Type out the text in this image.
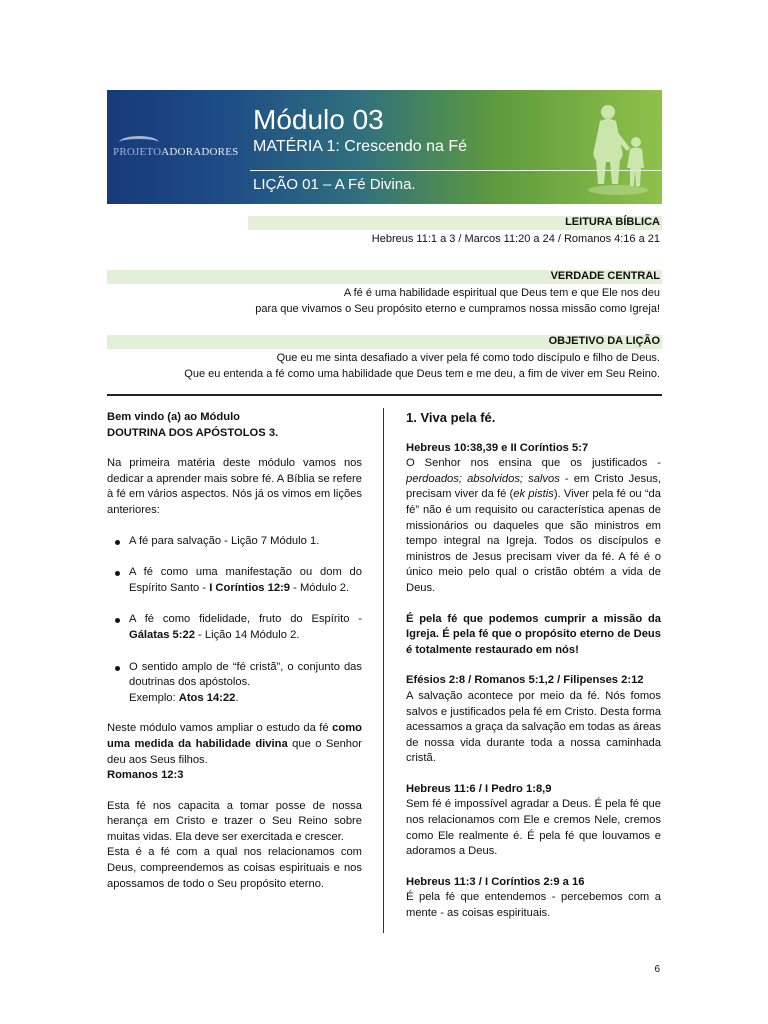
PROJETOADORADORES
Módulo 03
MATÉRIA 1: Crescendo na Fé
LIÇÃO 01 – A Fé Divina.
LEITURA BÍBLICA
Hebreus 11:1 a 3 / Marcos 11:20 a 24 / Romanos 4:16 a 21
VERDADE CENTRAL
A fé é uma habilidade espiritual que Deus tem e que Ele nos deu
para que vivamos o Seu propósito eterno e cumpramos nossa missão como Igreja!
OBJETIVO DA LIÇÃO
Que eu me sinta desafiado a viver pela fé como todo discípulo e filho de Deus.
Que eu entenda a fé como uma habilidade que Deus tem e me deu, a fim de viver em Seu Reino.

Bem vindo (a) ao Módulo

DOUTRINA DOS APÓSTOLOS 3.

Na primeira matéria deste módulo vamos nos dedicar a aprender mais sobre fé. A Bíblia se refere à fé em vários aspectos. Nós já os vimos em lições anteriores:

A fé para salvação - Lição 7 Módulo 1.
A fé como uma manifestação ou dom do Espírito Santo - I Coríntios 12:9 - Módulo 2.
A fé como fidelidade, fruto do Espírito - Gálatas 5:22 - Lição 14 Módulo 2.
O sentido amplo de “fé cristã”, o conjunto das doutrinas dos apóstolos.
Exemplo: Atos 14:22.

Neste módulo vamos ampliar o estudo da fé como uma medida da habilidade divina que o Senhor deu aos Seus filhos.

Romanos 12:3

Esta fé nos capacita a tomar posse de nossa herança em Cristo e trazer o Seu Reino sobre muitas vidas. Ela deve ser exercitada e crescer.

Esta é a fé com a qual nos relacionamos com Deus, compreendemos as coisas espirituais e nos apossamos de todo o Seu propósito eterno.

1. Viva pela fé.

Hebreus 10:38,39 e II Coríntios 5:7

O Senhor nos ensina que os justificados - perdoados; absolvidos; salvos - em Cristo Jesus, precisam viver da fé (ek pistis). Viver pela fé ou “da fé” não é um requisito ou característica apenas de missionários ou daqueles que são ministros em tempo integral na Igreja. Todos os discípulos e ministros de Jesus precisam viver da fé. A fé é o único meio pelo qual o cristão obtém a vida de Deus.

É pela fé que podemos cumprir a missão da Igreja. É pela fé que o propósito eterno de Deus é totalmente restaurado em nós!

Efésios 2:8 / Romanos 5:1,2 / Filipenses 2:12

A salvação acontece por meio da fé. Nós fomos salvos e justificados pela fé em Cristo. Desta forma acessamos a graça da salvação em todas as áreas de nossa vida durante toda a nossa caminhada cristã.

Hebreus 11:6 / I Pedro 1:8,9

Sem fé é impossível agradar a Deus. É pela fé que nos relacionamos com Ele e cremos Nele, cremos como Ele realmente é. É pela fé que louvamos e adoramos a Deus.

Hebreus 11:3 / I Coríntios 2:9 a 16

É pela fé que entendemos - percebemos com a mente - as coisas espirituais.

6
